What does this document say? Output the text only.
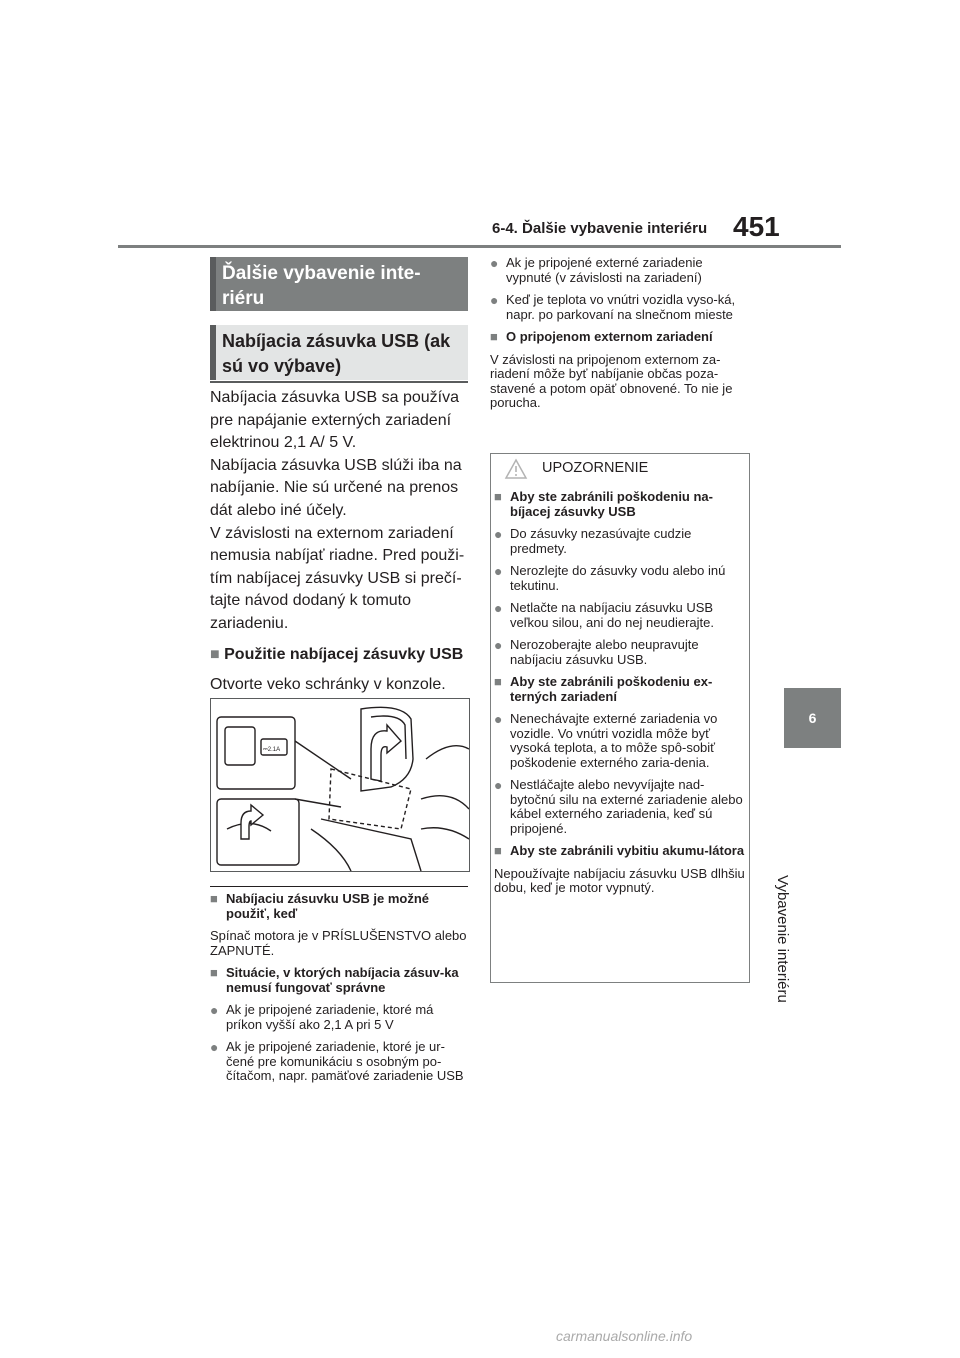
6-4. Ďalšie vybavenie interiéru 451
6
Vybavenie interiéru
Ďalšie vybavenie inte-riéru
Nabíjacia zásuvka USB (ak sú vo výbave)

Nabíjacia zásuvka USB sa používa pre napájanie externých zariadení elektrinou 2,1 A/ 5 V.

Nabíjacia zásuvka USB slúži iba na nabíjanie. Nie sú určené na prenos dát alebo iné účely.

V závislosti na externom zariadení nemusia nabíjať riadne. Pred použi-tím nabíjacej zásuvky USB si prečí-tajte návod dodaný k tomuto zariadeniu.

■ Použitie nabíjacej zásuvky USB

Otvorte veko schránky v konzole.

⎓2.1A
■ Nabíjaciu zásuvku USB je možné použiť, keď
Spínač motora je v PRÍSLUŠENSTVO alebo ZAPNUTÉ.
■ Situácie, v ktorých nabíjacia zásuv-ka nemusí fungovať správne
● Ak je pripojené zariadenie, ktoré má príkon vyšší ako 2,1 A pri 5 V
● Ak je pripojené zariadenie, ktoré je ur-čené pre komunikáciu s osobným po-čítačom, napr. pamäťové zariadenie USB
● Ak je pripojené externé zariadenie vypnuté (v závislosti na zariadení)
● Keď je teplota vo vnútri vozidla vyso-ká, napr. po parkovaní na slnečnom mieste
■ O pripojenom externom zariadení
V závislosti na pripojenom externom za-riadení môže byť nabíjanie občas poza-stavené a potom opäť obnovené. To nie je porucha.
UPOZORNENIE
■ Aby ste zabránili poškodeniu na-bíjacej zásuvky USB
● Do zásuvky nezasúvajte cudzie predmety.
● Nerozlejte do zásuvky vodu alebo inú tekutinu.
● Netlačte na nabíjaciu zásuvku USB veľkou silou, ani do nej neudierajte.
● Nerozoberajte alebo neupravujte nabíjaciu zásuvku USB.
■ Aby ste zabránili poškodeniu ex-terných zariadení
● Nenechávajte externé zariadenia vo vozidle. Vo vnútri vozidla môže byť vysoká teplota, a to môže spô-sobiť poškodenie externého zaria-denia.
● Nestláčajte alebo nevyvíjajte nad-bytočnú silu na externé zariadenie alebo kábel externého zariadenia, keď sú pripojené.
■ Aby ste zabránili vybitiu akumu-látora
Nepoužívajte nabíjaciu zásuvku USB dlhšiu dobu, keď je motor vypnutý.
carmanualsonline.info
